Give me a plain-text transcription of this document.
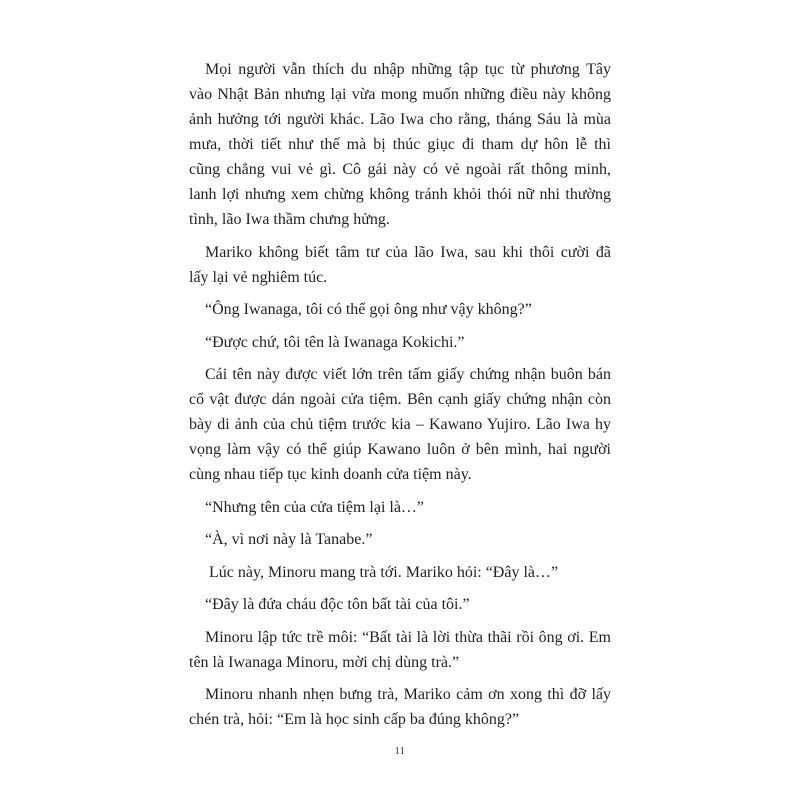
Mọi người vẫn thích du nhập những tập tục từ phương Tây
vào Nhật Bản nhưng lại vừa mong muốn những điều này không
ảnh hưởng tới người khác. Lão Iwa cho rằng, tháng Sáu là mùa
mưa, thời tiết như thế mà bị thúc giục đi tham dự hôn lễ thì
cũng chẳng vui vẻ gì. Cô gái này có vẻ ngoài rất thông minh,
lanh lợi nhưng xem chừng không tránh khỏi thói nữ nhi thường
tình, lão Iwa thầm chưng hửng.
Mariko không biết tâm tư của lão Iwa, sau khi thôi cười đã
lấy lại vẻ nghiêm túc.
“Ông Iwanaga, tôi có thể gọi ông như vậy không?”
“Được chứ, tôi tên là Iwanaga Kokichi.”
Cái tên này được viết lớn trên tấm giấy chứng nhận buôn bán
cổ vật được dán ngoài cửa tiệm. Bên cạnh giấy chứng nhận còn
bày di ảnh của chủ tiệm trước kia – Kawano Yujiro. Lão Iwa hy
vọng làm vậy có thể giúp Kawano luôn ở bên mình, hai người
cùng nhau tiếp tục kinh doanh cửa tiệm này.
“Nhưng tên của cửa tiệm lại là…”
“À, vì nơi này là Tanabe.”
Lúc này, Minoru mang trà tới. Mariko hỏi: “Đây là…”
“Đây là đứa cháu độc tôn bất tài của tôi.”
Minoru lập tức trề môi: “Bất tài là lời thừa thãi rồi ông ơi. Em
tên là Iwanaga Minoru, mời chị dùng trà.”
Minoru nhanh nhẹn bưng trà, Mariko cảm ơn xong thì đỡ lấy
chén trà, hỏi: “Em là học sinh cấp ba đúng không?”
11
